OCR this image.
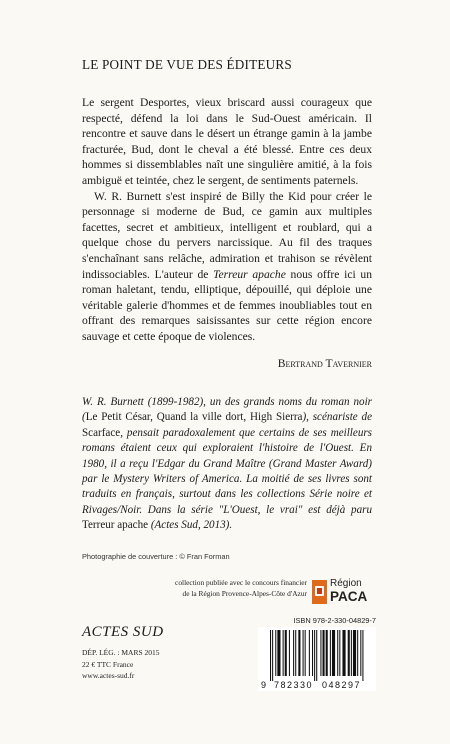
LE POINT DE VUE DES ÉDITEURS

Le sergent Desportes, vieux briscard aussi courageux que respecté, défend la loi dans le Sud-Ouest américain. Il rencontre et sauve dans le désert un étrange gamin à la jambe fracturée, Bud, dont le cheval a été blessé. Entre ces deux hommes si dissemblables naît une singulière amitié, à la fois ambiguë et teintée, chez le sergent, de sentiments paternels.

W. R. Burnett s'est inspiré de Billy the Kid pour créer le personnage si moderne de Bud, ce gamin aux multiples facettes, secret et ambitieux, intelligent et roublard, qui a quelque chose du pervers narcissique. Au fil des traques s'enchaînant sans relâche, admiration et trahison se révèlent indissociables. L'auteur de Terreur apache nous offre ici un roman haletant, tendu, elliptique, dépouillé, qui déploie une véritable galerie d'hommes et de femmes inoubliables tout en offrant des remarques saisissantes sur cette région encore sauvage et cette époque de violences.

Bertrand Tavernier
W. R. Burnett (1899-1982), un des grands noms du roman noir (Le Petit César, Quand la ville dort, High Sierra), scénariste de Scarface, pensait paradoxalement que certains de ses meilleurs romans étaient ceux qui exploraient l'histoire de l'Ouest. En 1980, il a reçu l'Edgar du Grand Maître (Grand Master Award) par le Mystery Writers of America. La moitié de ses livres sont traduits en français, surtout dans les collections Série noire et Rivages/Noir. Dans la série "L'Ouest, le vrai" est déjà paru Terreur apache (Actes Sud, 2013).
Photographie de couverture : © Fran Forman
collection publiée avec le concours financier
de la Région Provence-Alpes-Côte d'Azur
Région
PACA
ACTES SUD
DÉP. LÉG. : MARS 2015
22 € TTC France
www.actes-sud.fr
ISBN 978-2-330-04829-7
9 782330 048297
